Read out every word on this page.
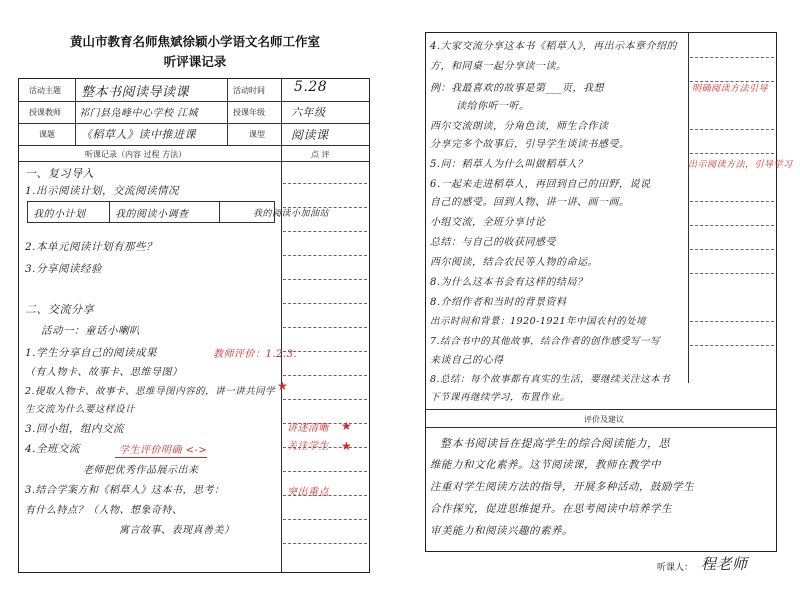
黄山市教育名师焦斌徐颖小学语文名师工作室
听评课记录
活动主题 整本书阅读导读课	活动时间 5.28
授课教师 祁门县凫峰中心学校 江城	授课年级 六年级
课题 《稻草人》读中推进课	课型 阅读课
听课记录（内容 过程 方法）	点 评
一、复习导入
1.出示阅读计划，交流阅读情况
我的小计划	我的阅读小调查	我的阅读小加油站
2.本单元阅读计划有那些？
3.分享阅读经验
二、交流分享
活动一：童话小喇叭
1.学生分享自己的阅读成果
（有人物卡、故事卡、思维导图）
2.提取人物卡、故事卡、思维导图内容的，讲一讲共同学
生交流为什么要这样设计
3.回小组，组内交流
4.全班交流
老师把优秀作品展示出来
3.结合学案方和《稻草人》这本书，思考：
有什么特点？（人物、想象奇特、
寓言故事、表现真善美）
教师评价：1.2.3.
学生评价明确 <->
讲述清晰
关注学生
突出重点
★
★
★
4.大家交流分享这本书《稻草人》，再出示本章介绍的
方，和同桌一起分享读一读。
例：我最喜欢的故事是第___页，我想
读给你听一听。
西尔交流朗读，分角色读，师生合作读
分享完多个故事后，引导学生谈读书感受。
5.问：稻草人为什么叫做稻草人？
6.一起来走进稻草人，再回到自己的田野，说说
自己的感受。回到人物、讲一讲、画一画。
小组交流，全班分享讨论
总结：与自己的收获同感受
西尔阅读，结合农民等人物的命运。
8.为什么这本书会有这样的结局？
8.介绍作者和当时的背景资料
出示时间和背景：1920-1921年中国农村的处境
7.结合书中的其他故事，结合作者的创作感受写一写
来谈自己的心得
8.总结：每个故事都有真实的生活，要继续关注这本书
下节课再继续学习，布置作业。
明确阅读方法引导
出示阅读方法，引导学习
评价及建议
整本书阅读旨在提高学生的综合阅读能力，思
维能力和文化素养。这节阅读课，教师在教学中
注重对学生阅读方法的指导，开展多种活动，鼓励学生
合作探究，促进思维提升。在思考阅读中培养学生
审美能力和阅读兴趣的素养。
听课人： 程老师
